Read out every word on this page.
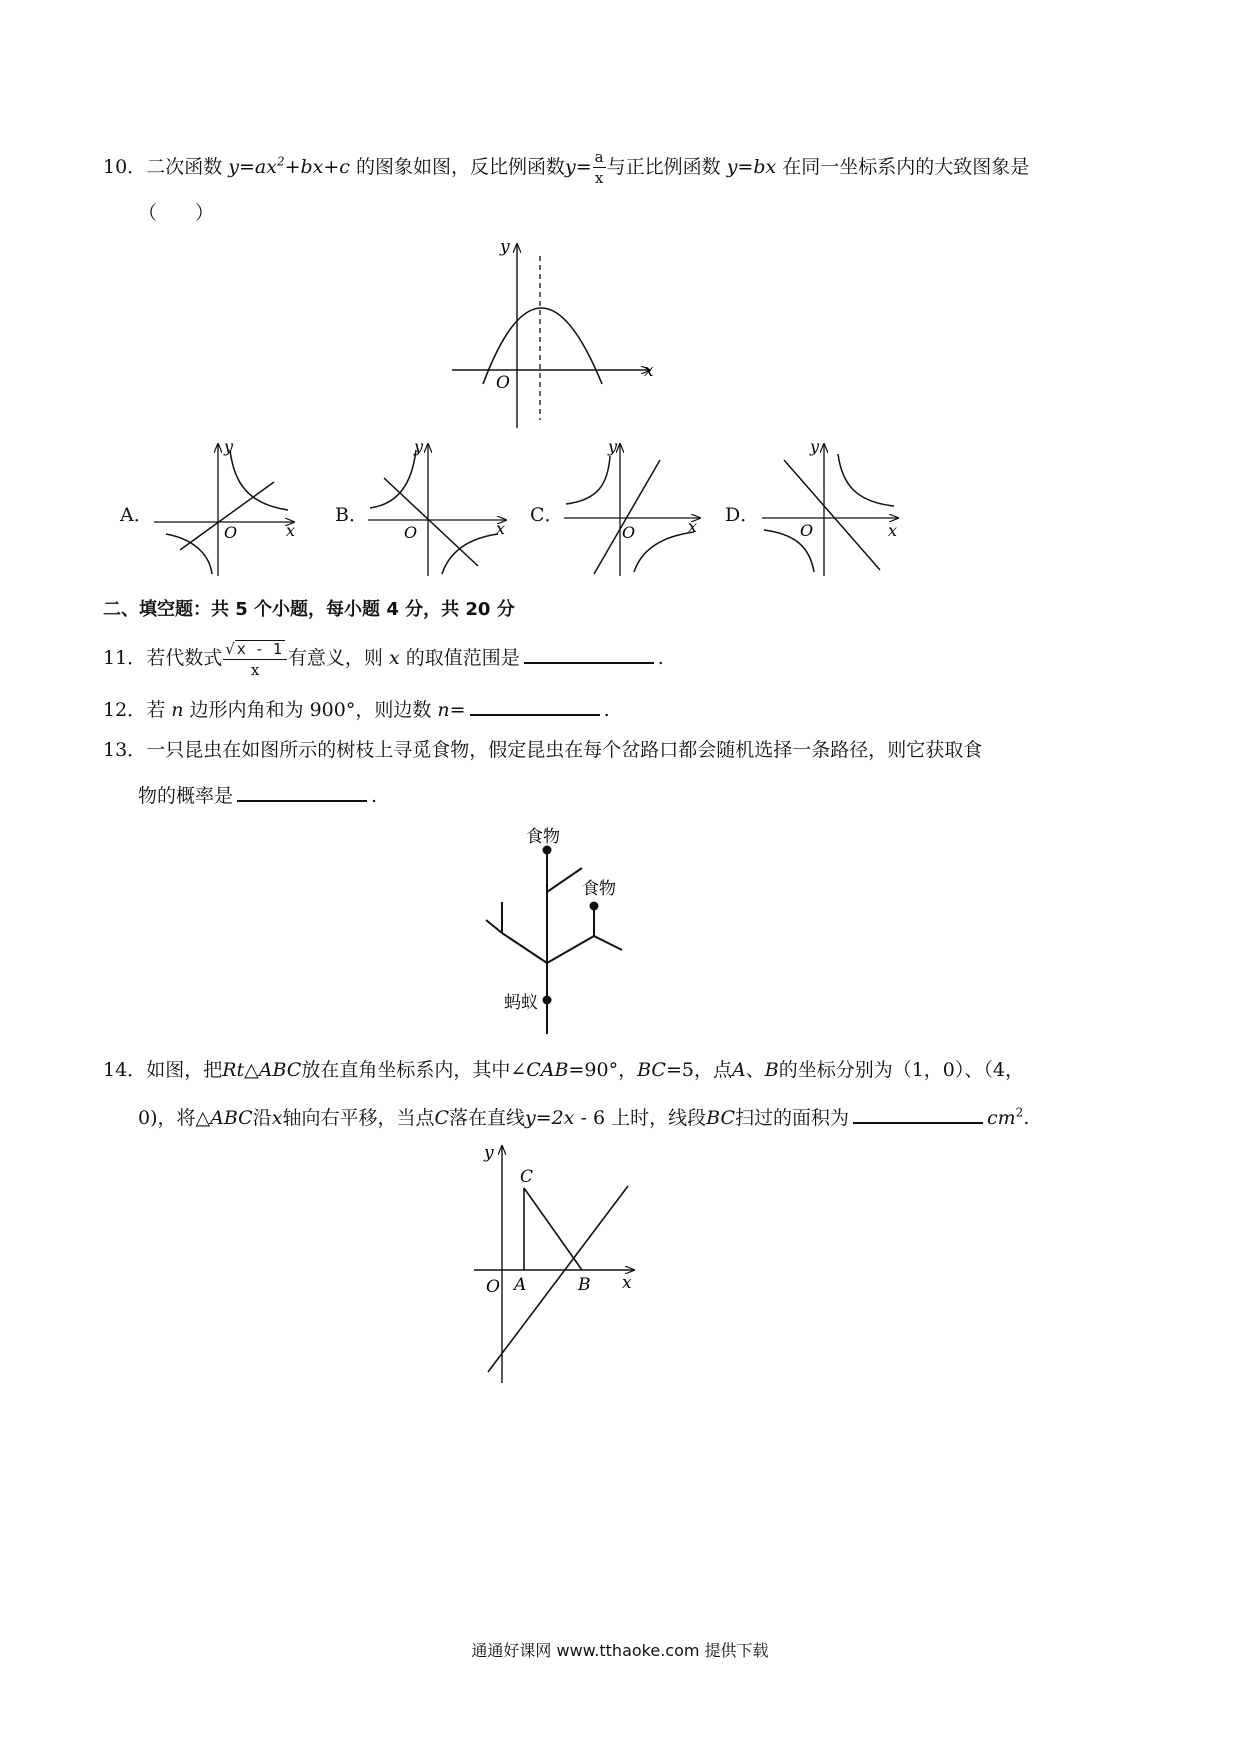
10．二次函数 $y=ax^2+bx+c$ 的图象如图，反比例函数$y= \frac{a}{x}$ 与正比例函数 y=bx 在同一坐标系内的大致图象是
（　　）
y
x
O
A．
y
x
O
B．
y
x
O
C．
y
x
O
D．
y
x
O
二、填空题：共 5 个小题，每小题 4 分，共 20 分
11．若代数式 $\frac{√ x - 1}{x}$ 有意义，则 x 的取值范围是	.
12．若 n 边形内角和为 900°，则边数 n=	.
13．一只昆虫在如图所示的树枝上寻觅食物，假定昆虫在每个岔路口都会随机选择一条路径，则它获取食
物的概率是	.
食物
食物
蚂蚁
14．如图，把Rt△ABC放在直角坐标系内，其中∠CAB=90°，BC=5，点A、B的坐标分别为（1，0）、（4，
0)，将△ABC沿x轴向右平移，当点C落在直线y=2x - 6 上时，线段BC扫过的面积为	$cm^2$.
y
x
O A	B
C
通通好课网 www.tthaoke.com 提供下载
